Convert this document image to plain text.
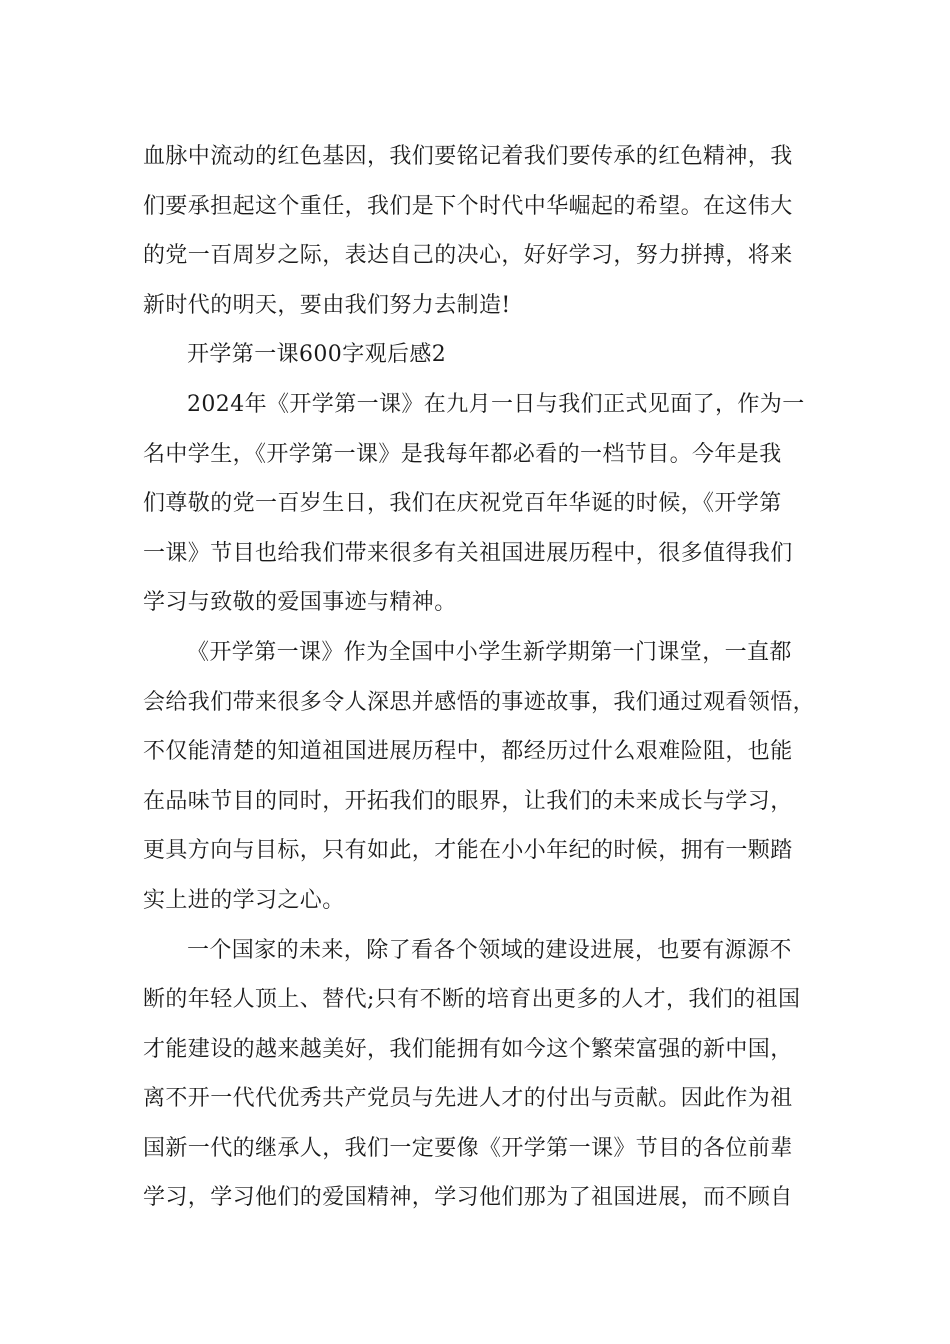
血脉中流动的红色基因，我们要铭记着我们要传承的红色精神，我
们要承担起这个重任，我们是下个时代中华崛起的希望。在这伟大
的党一百周岁之际，表达自己的决心，好好学习，努力拼搏，将来
新时代的明天，要由我们努力去制造!
开学第一课600字观后感2
2024年《开学第一课》在九月一日与我们正式见面了，作为一
名中学生，《开学第一课》是我每年都必看的一档节目。今年是我
们尊敬的党一百岁生日，我们在庆祝党百年华诞的时候，《开学第
一课》节目也给我们带来很多有关祖国进展历程中，很多值得我们
学习与致敬的爱国事迹与精神。
《开学第一课》作为全国中小学生新学期第一门课堂，一直都
会给我们带来很多令人深思并感悟的事迹故事，我们通过观看领悟，
不仅能清楚的知道祖国进展历程中，都经历过什么艰难险阻，也能
在品味节目的同时，开拓我们的眼界，让我们的未来成长与学习，
更具方向与目标，只有如此，才能在小小年纪的时候，拥有一颗踏
实上进的学习之心。
一个国家的未来，除了看各个领域的建设进展，也要有源源不
断的年轻人顶上、替代;只有不断的培育出更多的人才，我们的祖国
才能建设的越来越美好，我们能拥有如今这个繁荣富强的新中国，
离不开一代代优秀共产党员与先进人才的付出与贡献。因此作为祖
国新一代的继承人，我们一定要像《开学第一课》节目的各位前辈
学习，学习他们的爱国精神，学习他们那为了祖国进展，而不顾自
